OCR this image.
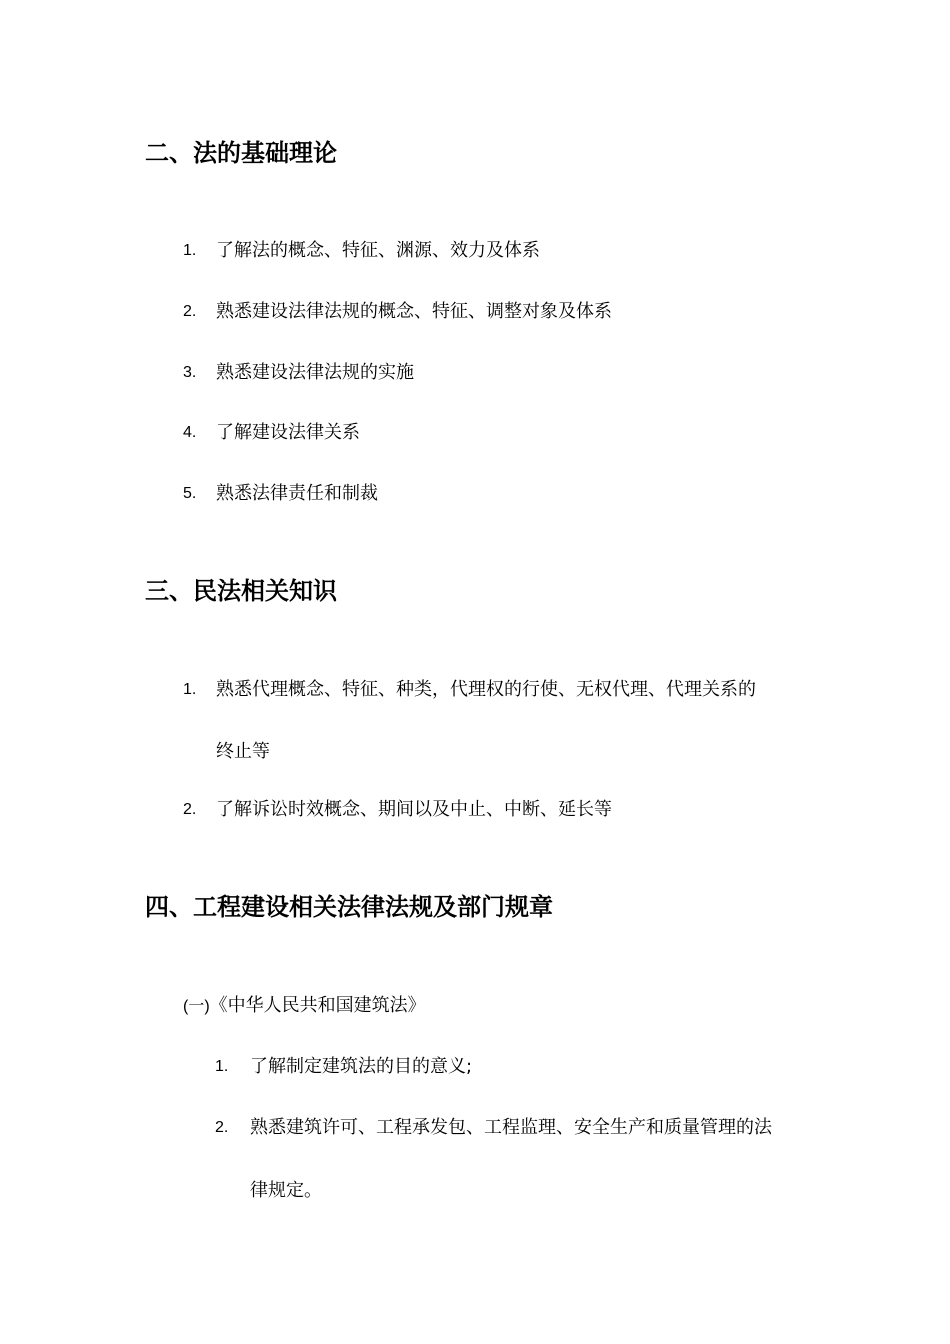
二、法的基础理论
1. 了解法的概念、特征、渊源、效力及体系
2. 熟悉建设法律法规的概念、特征、调整对象及体系
3. 熟悉建设法律法规的实施
4. 了解建设法律关系
5. 熟悉法律责任和制裁
三、民法相关知识
1. 熟悉代理概念、特征、种类，代理权的行使、无权代理、代理关系的
终止等
2. 了解诉讼时效概念、期间以及中止、中断、延长等
四、工程建设相关法律法规及部门规章
(一)《中华人民共和国建筑法》
1. 了解制定建筑法的目的意义;
2. 熟悉建筑许可、工程承发包、工程监理、安全生产和质量管理的法
律规定。
